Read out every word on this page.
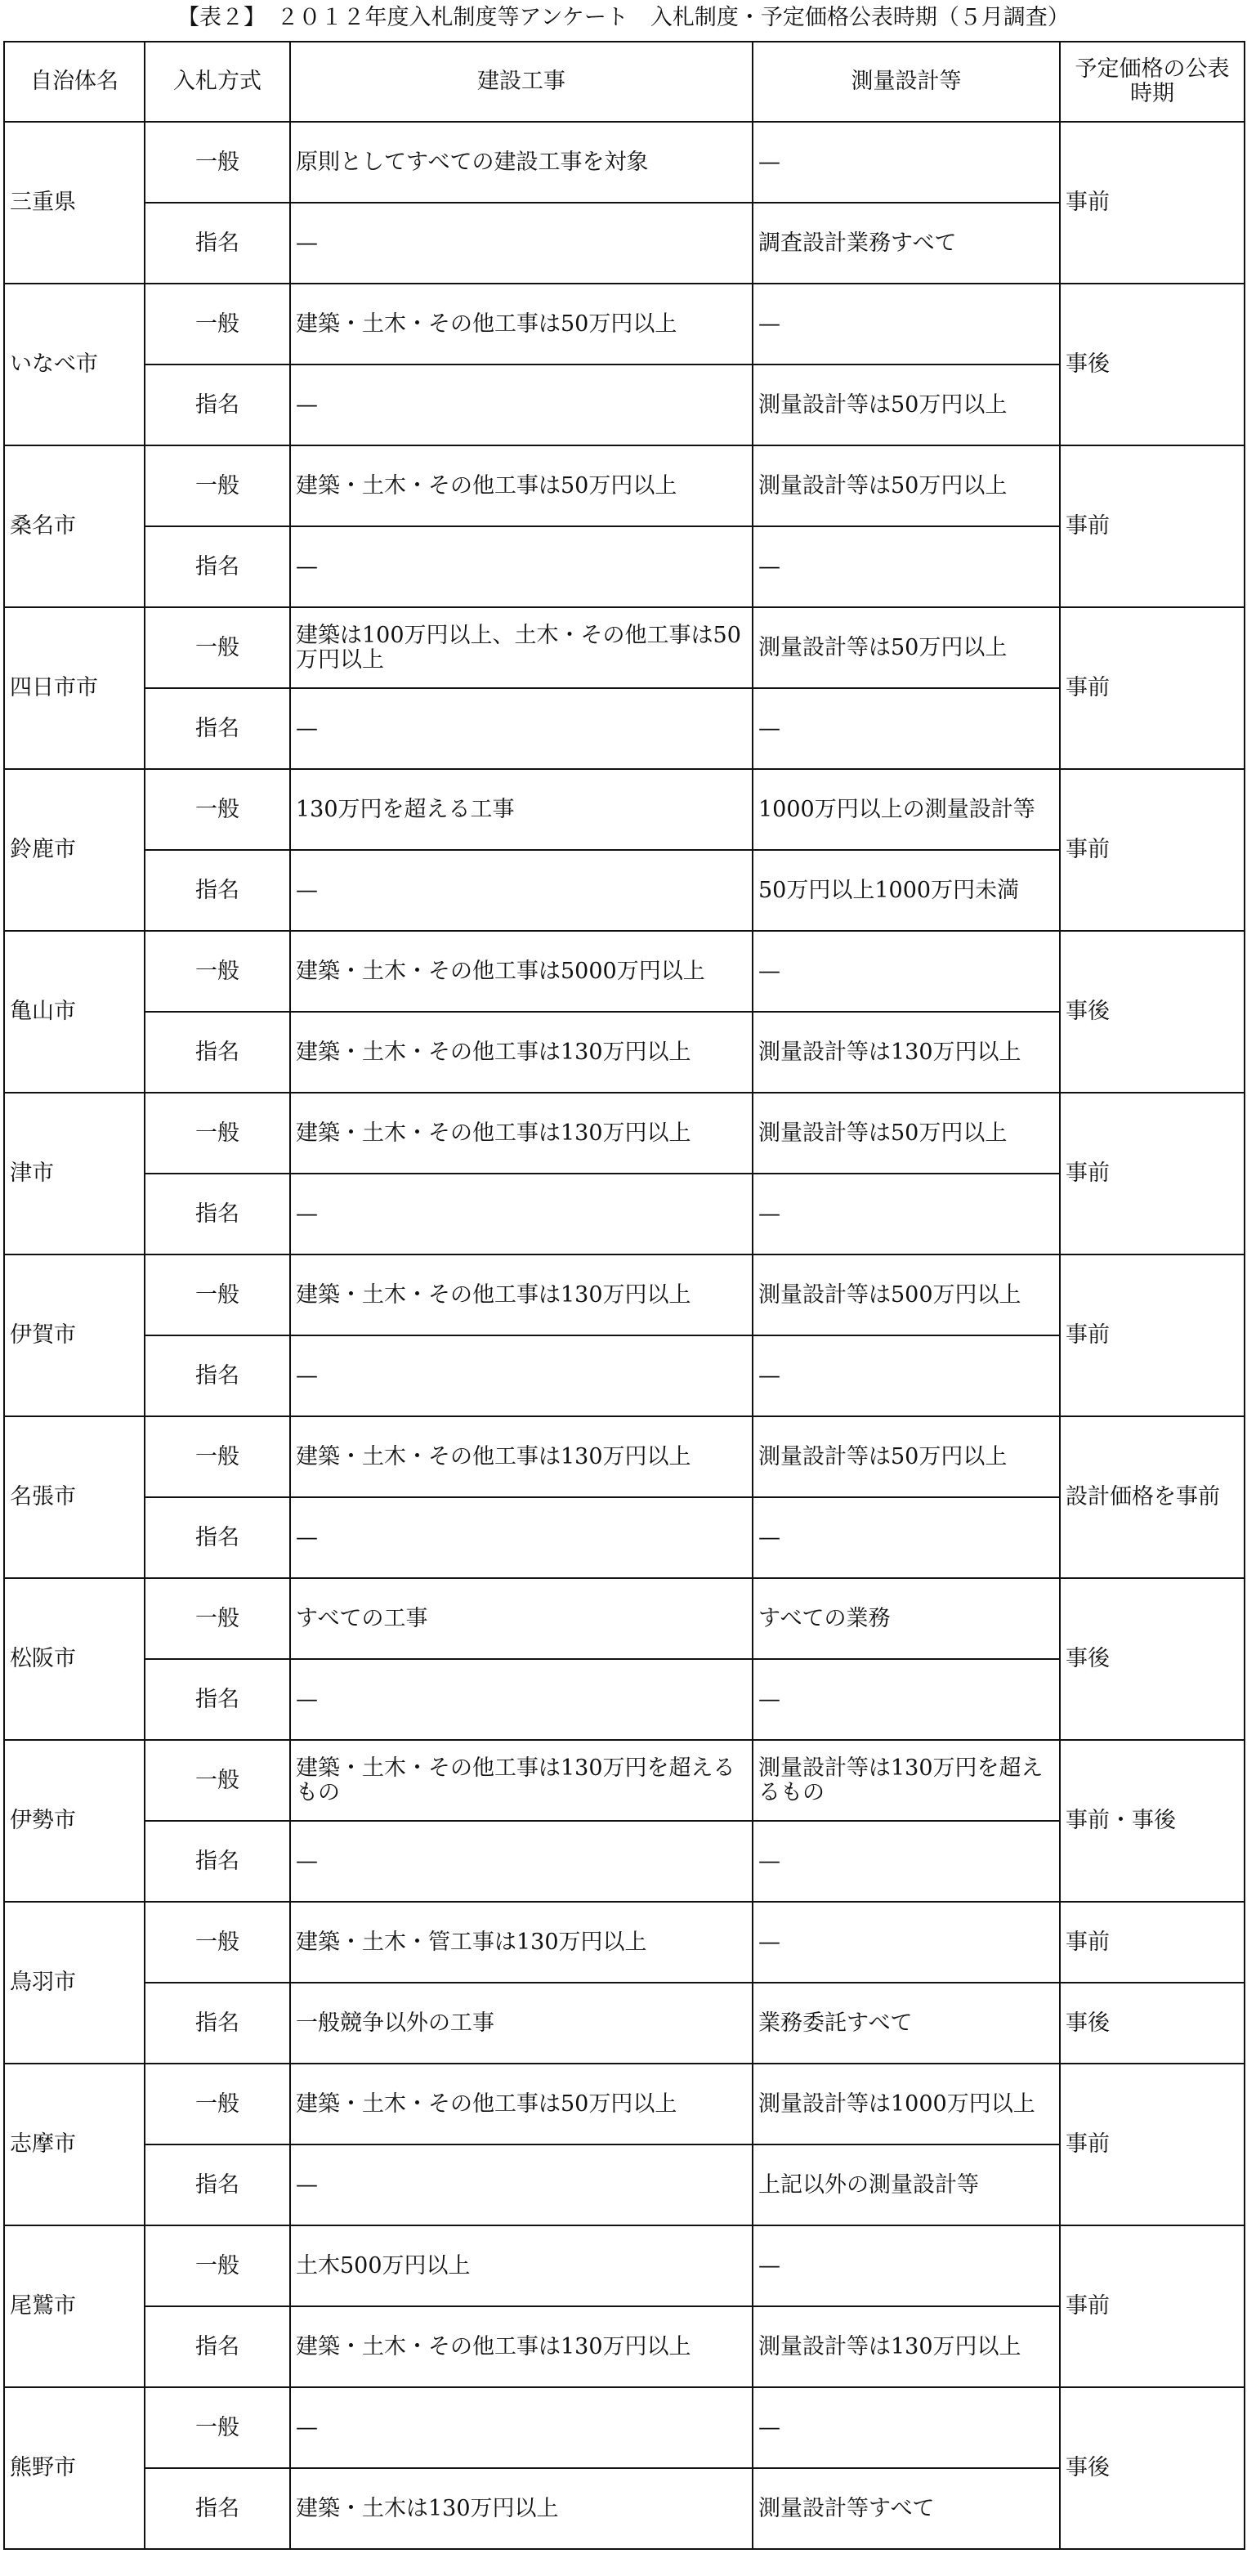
【表２】　２０１２年度入札制度等アンケート　入札制度・予定価格公表時期（５月調査）
自治体名	入札方式	建設工事	測量設計等	予定価格の公表時期
三重県	一般	原則としてすべての建設工事を対象	—	事前
	指名	—	調査設計業務すべて	
いなべ市	一般	建築・土木・その他工事は50万円以上	—	事後
	指名	—	測量設計等は50万円以上	
桑名市	一般	建築・土木・その他工事は50万円以上	測量設計等は50万円以上	事前
	指名	—	—	
四日市市	一般	建築は100万円以上、土木・その他工事は50万円以上	測量設計等は50万円以上	事前
	指名	—	—	
鈴鹿市	一般	130万円を超える工事	1000万円以上の測量設計等	事前
	指名	—	50万円以上1000万円未満	
亀山市	一般	建築・土木・その他工事は5000万円以上	—	事後
	指名	建築・土木・その他工事は130万円以上	測量設計等は130万円以上	
津市	一般	建築・土木・その他工事は130万円以上	測量設計等は50万円以上	事前
	指名	—	—	
伊賀市	一般	建築・土木・その他工事は130万円以上	測量設計等は500万円以上	事前
	指名	—	—	
名張市	一般	建築・土木・その他工事は130万円以上	測量設計等は50万円以上	設計価格を事前
	指名	—	—	
松阪市	一般	すべての工事	すべての業務	事後
	指名	—	—	
伊勢市	一般	建築・土木・その他工事は130万円を超えるもの	測量設計等は130万円を超えるもの	事前・事後
	指名	—	—	
鳥羽市	一般	建築・土木・管工事は130万円以上	—	事前
	指名	一般競争以外の工事	業務委託すべて	事後
志摩市	一般	建築・土木・その他工事は50万円以上	測量設計等は1000万円以上	事前
	指名	—	上記以外の測量設計等	
尾鷲市	一般	土木500万円以上	—	事前
	指名	建築・土木・その他工事は130万円以上	測量設計等は130万円以上	
熊野市	一般	—	—	事後
	指名	建築・土木は130万円以上	測量設計等すべて	
